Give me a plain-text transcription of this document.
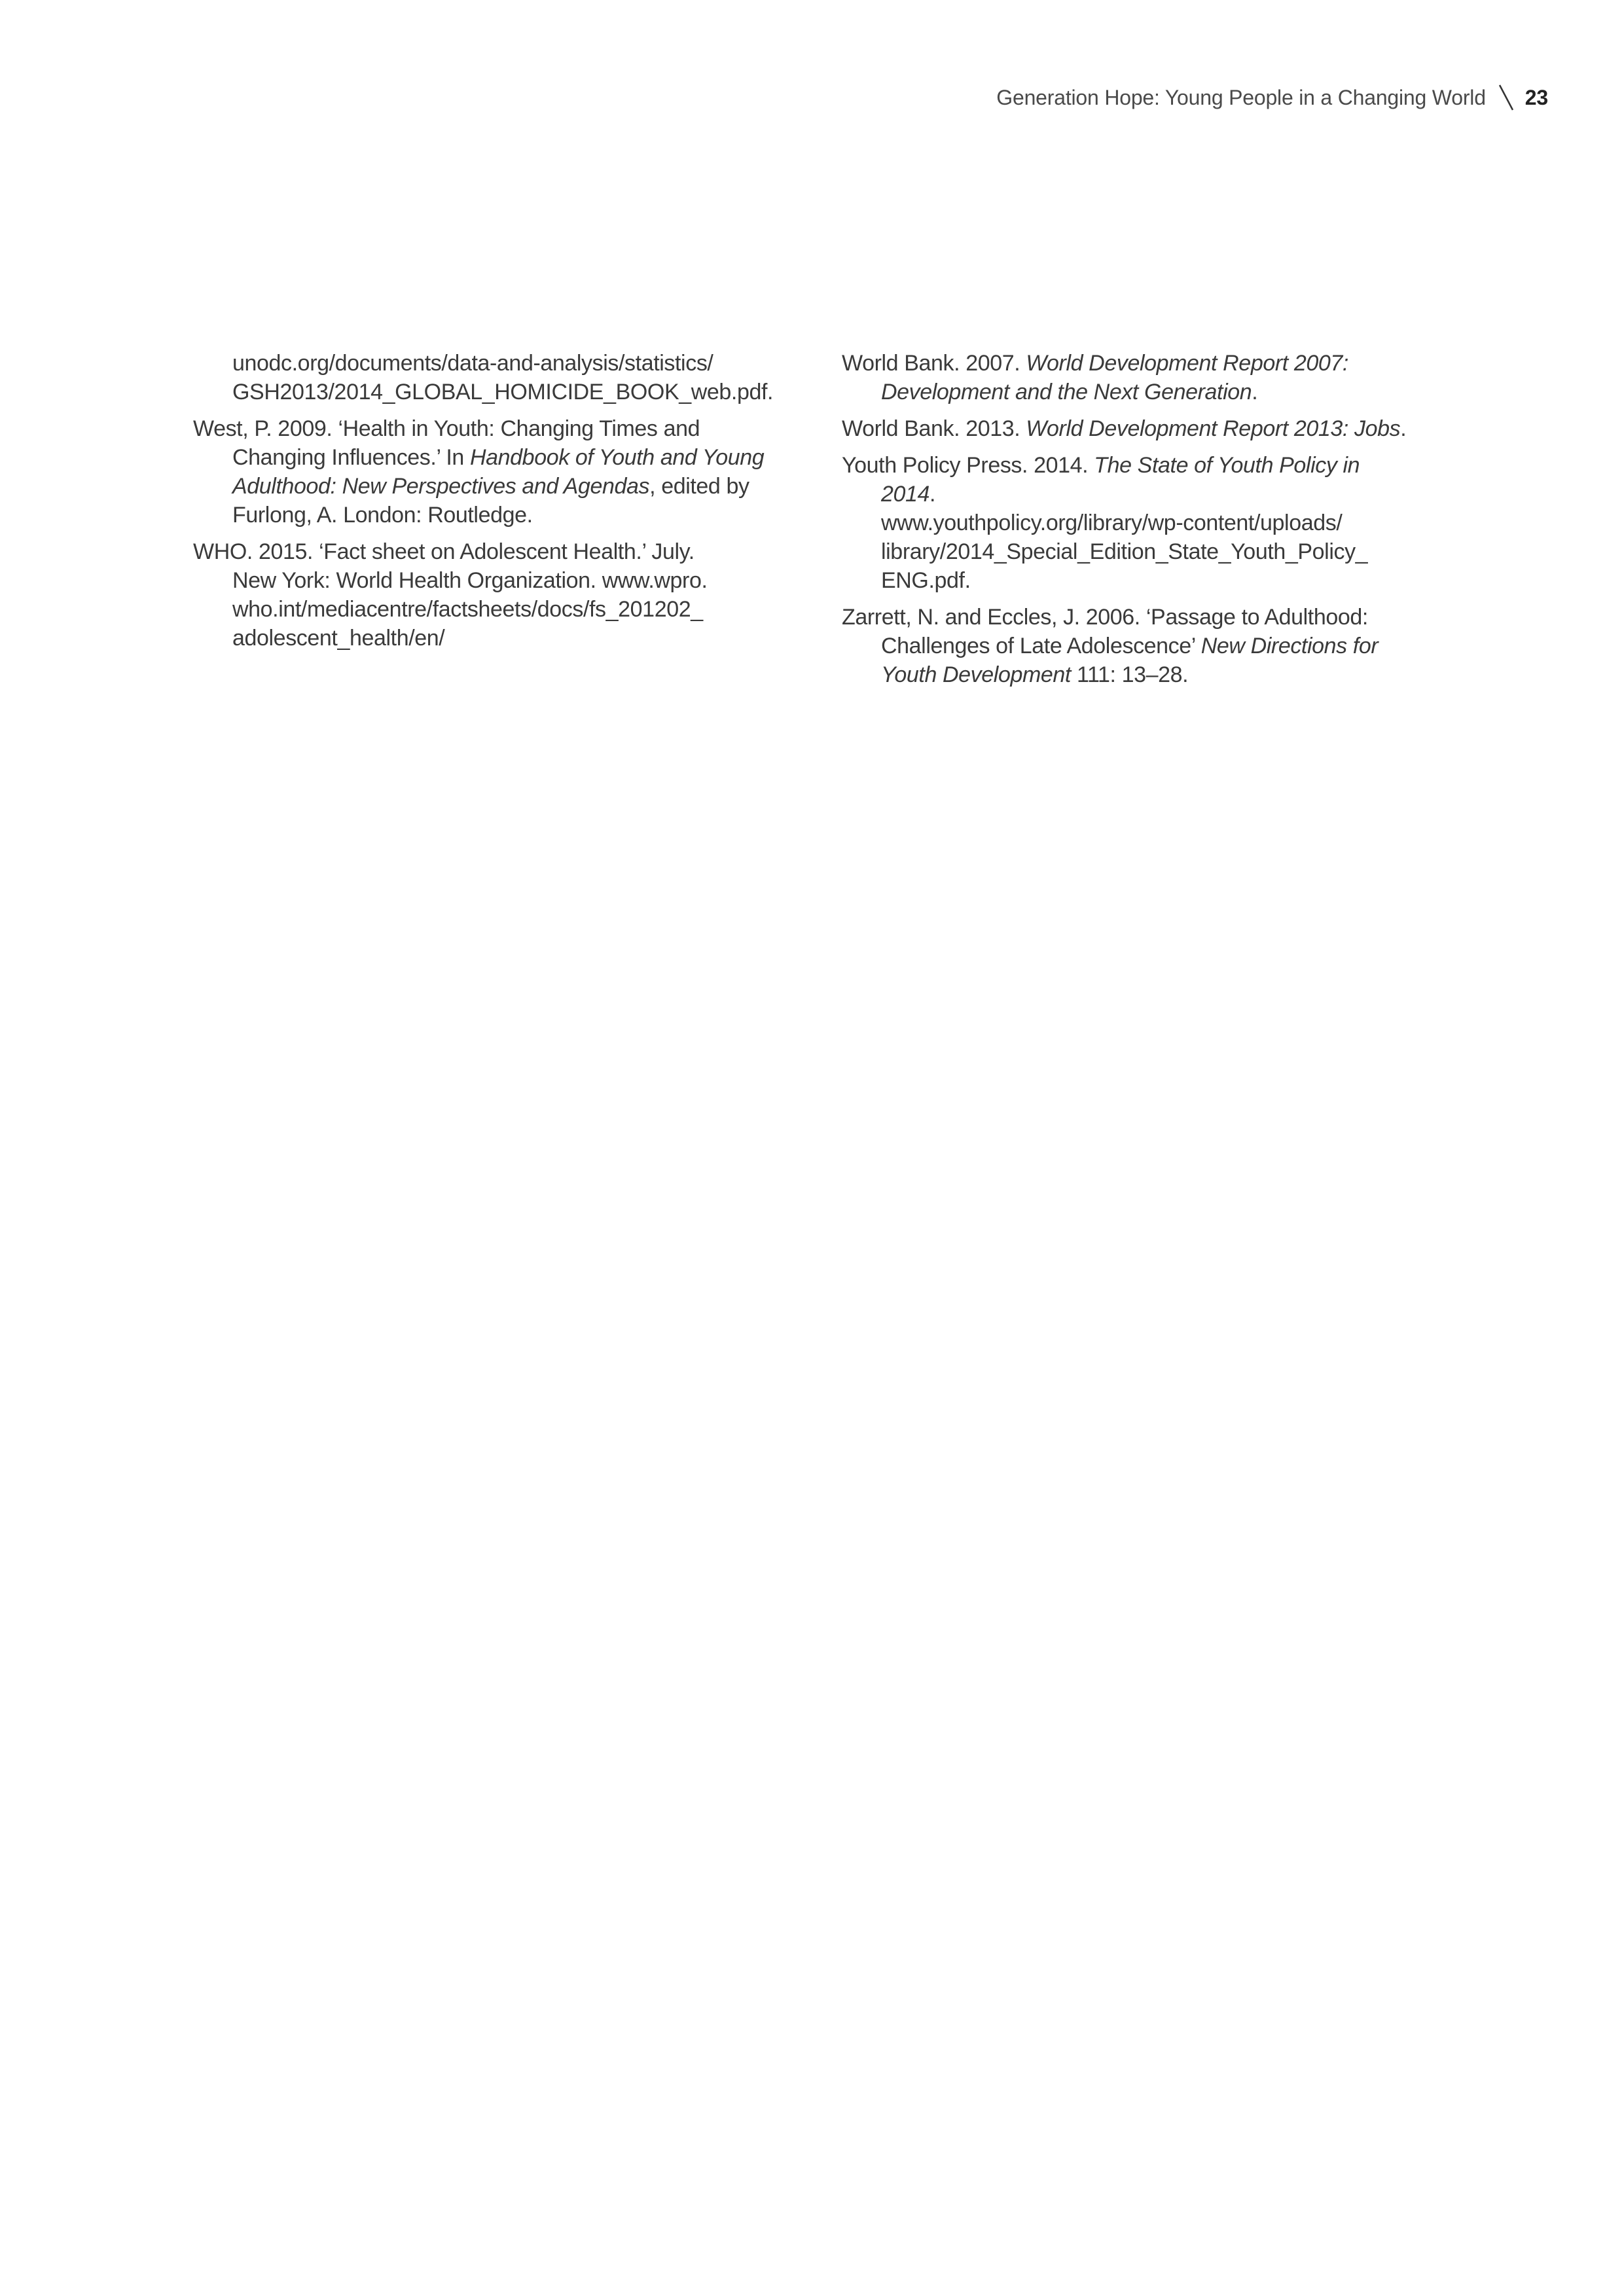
Generation Hope: Young People in a Changing World 23

unodc.org/documents/data-and-analysis/statistics/
GSH2013/2014_GLOBAL_HOMICIDE_BOOK_web.pdf.

West, P. 2009. ‘Health in Youth: Changing Times and
Changing Influences.’ In Handbook of Youth and Young
Adulthood: New Perspectives and Agendas, edited by
Furlong, A. London: Routledge.

WHO. 2015. ‘Fact sheet on Adolescent Health.’ July.
New York: World Health Organization. www.wpro.
who.int/mediacentre/factsheets/docs/fs_201202_
adolescent_health/en/

World Bank. 2007. World Development Report 2007:
Development and the Next Generation.

World Bank. 2013. World Development Report 2013: Jobs.

Youth Policy Press. 2014. The State of Youth Policy in 2014.
www.youthpolicy.org/library/wp-content/uploads/
library/2014_Special_Edition_State_Youth_Policy_
ENG.pdf.

Zarrett, N. and Eccles, J. 2006. ‘Passage to Adulthood:
Challenges of Late Adolescence’ New Directions for
Youth Development 111: 13–28.
